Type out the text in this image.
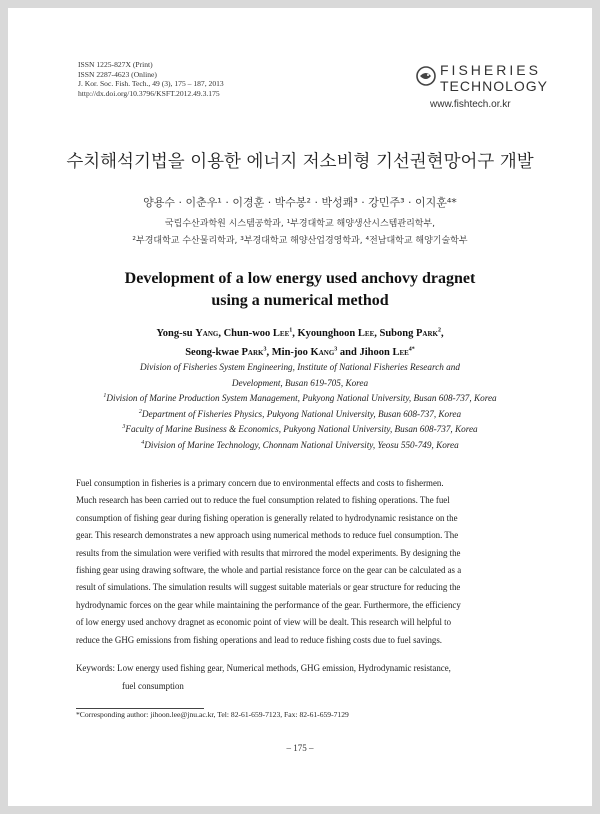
ISSN 1225-827X (Print)
ISSN 2287-4623 (Online)
J. Kor. Soc. Fish. Tech., 49 (3), 175 – 187, 2013
http://dx.doi.org/10.3796/KSFT.2012.49.3.175
FISHERIES
TECHNOLOGY
www.fishtech.or.kr
수치해석기법을 이용한 에너지 저소비형 기선권현망어구 개발
양용수 · 이춘우¹ · 이경훈 · 박수봉² · 박성쾌³ · 강민주³ · 이지훈⁴*
국립수산과학원 시스템공학과, ¹부경대학교 해양생산시스템관리학부,
²부경대학교 수산물리학과, ³부경대학교 해양산업경영학과, ⁴전남대학교 해양기술학부
Development of a low energy used anchovy dragnet
using a numerical method
Yong-su Yang, Chun-woo Lee$^1$, Kyounghoon Lee, Subong Park$^2$,
Seong-kwae Park$^3$, Min-joo Kang$^3$ and Jihoon Lee$^{4*}$
Division of Fisheries System Engineering, Institute of National Fisheries Research and
Development, Busan 619-705, Korea
$^1$Division of Marine Production System Management, Pukyong National University, Busan 608-737, Korea
$^2$Department of Fisheries Physics, Pukyong National University, Busan 608-737, Korea
$^3$Faculty of Marine Business & Economics, Pukyong National University, Busan 608-737, Korea
$^4$Division of Marine Technology, Chonnam National University, Yeosu 550-749, Korea
Fuel consumption in fisheries is a primary concern due to environmental effects and costs to fishermen.
Much research has been carried out to reduce the fuel consumption related to fishing operations. The fuel
consumption of fishing gear during fishing operation is generally related to hydrodynamic resistance on the
gear. This research demonstrates a new approach using numerical methods to reduce fuel consumption. The
results from the simulation were verified with results that mirrored the model experiments. By designing the
fishing gear using drawing software, the whole and partial resistance force on the gear can be calculated as a
result of simulations. The simulation results will suggest suitable materials or gear structure for reducing the
hydrodynamic forces on the gear while maintaining the performance of the gear. Furthermore, the efficiency
of low energy used anchovy dragnet as economic point of view will be dealt. This research will helpful to
reduce the GHG emissions from fishing operations and lead to reduce fishing costs due to fuel savings.
Keywords: Low energy used fishing gear, Numerical methods, GHG emission, Hydrodynamic resistance,
fuel consumption
*Corresponding author: jihoon.lee@jnu.ac.kr, Tel: 82-61-659-7123, Fax: 82-61-659-7129
– 175 –
